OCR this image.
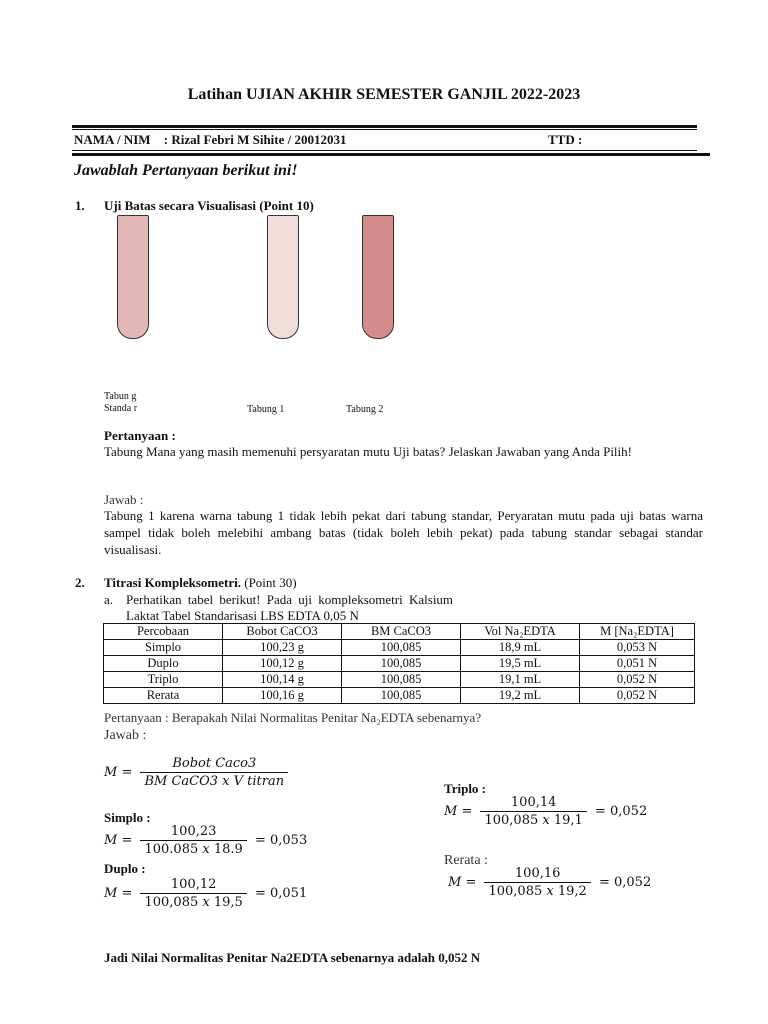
Latihan UJIAN AKHIR SEMESTER GANJIL 2022-2023
NAMA / NIM : Rizal Febri M Sihite / 20012031	TTD :
Jawablah Pertanyaan berikut ini!
1. Uji Batas secara Visualisasi (Point 10)
Tabun g
Standa r	Tabung 1	Tabung 2
Pertanyaan :
Tabung Mana yang masih memenuhi persyaratan mutu Uji batas? Jelaskan Jawaban yang Anda Pilih!
Jawab :
Tabung 1 karena warna tabung 1 tidak lebih pekat dari tabung standar, Peryaratan mutu pada uji batas warna sampel tidak boleh melebihi ambang batas (tidak boleh lebih pekat) pada tabung standar sebagai standar visualisasi.
2. Titrasi Kompleksometri. (Point 30)
a. Perhatikan tabel berikut! Pada uji kompleksometri Kalsium
Laktat Tabel Standarisasi LBS EDTA 0,05 N
Percobaan	Bobot CaCO3	BM CaCO3	Vol Na₂EDTA	M [Na₂EDTA]
Simplo	100,23 g	100,085	18,9 mL	0,053 N
Duplo	100,12 g	100,085	19,5 mL	0,051 N
Triplo	100,14 g	100,085	19,1 mL	0,052 N
Rerata	100,16 g	100,085	19,2 mL	0,052 N
Pertanyaan : Berapakah Nilai Normalitas Penitar Na₂EDTA sebenarnya?
Jawab :
$M = \frac{\text{Bobot Caco3}}{\text{BM CaCO3 x V titran}}$
Simplo :
$M = \frac{100,23}{100.085 x 18.9} = 0,053$
Duplo :
$M = \frac{100,12}{100,085 x 19,5} = 0,051$
Triplo :
$M = \frac{100,14}{100,085 x 19,1} = 0,052$
Rerata :
$M = \frac{100,16}{100,085 x 19,2} = 0,052$
Jadi Nilai Normalitas Penitar Na2EDTA sebenarnya adalah 0,052 N
